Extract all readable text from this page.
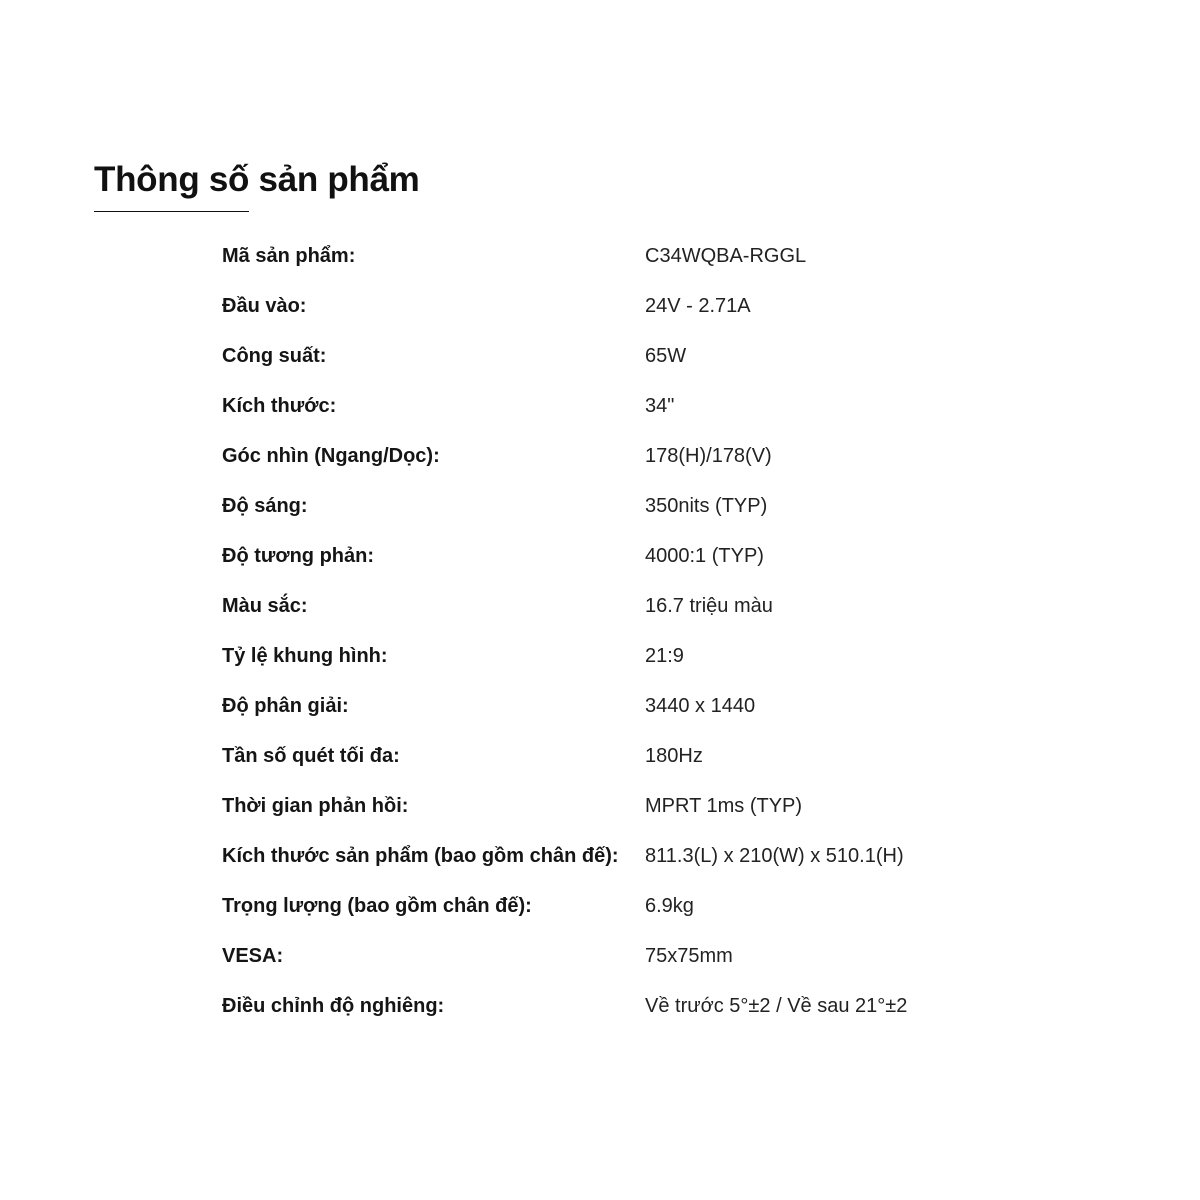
Thông số sản phẩm
Mã sản phẩm:	C34WQBA-RGGL
Đầu vào:	24V - 2.71A
Công suất:	65W
Kích thước:	34"
Góc nhìn (Ngang/Dọc):	178(H)/178(V)
Độ sáng:	350nits (TYP)
Độ tương phản:	4000:1 (TYP)
Màu sắc:	16.7 triệu màu
Tỷ lệ khung hình:	21:9
Độ phân giải:	3440 x 1440
Tần số quét tối đa:	180Hz
Thời gian phản hồi:	MPRT 1ms (TYP)
Kích thước sản phẩm (bao gồm chân đế):	811.3(L) x 210(W) x 510.1(H)
Trọng lượng (bao gồm chân đế):	6.9kg
VESA:	75x75mm
Điều chỉnh độ nghiêng:	Về trước 5°±2 / Về sau 21°±2
